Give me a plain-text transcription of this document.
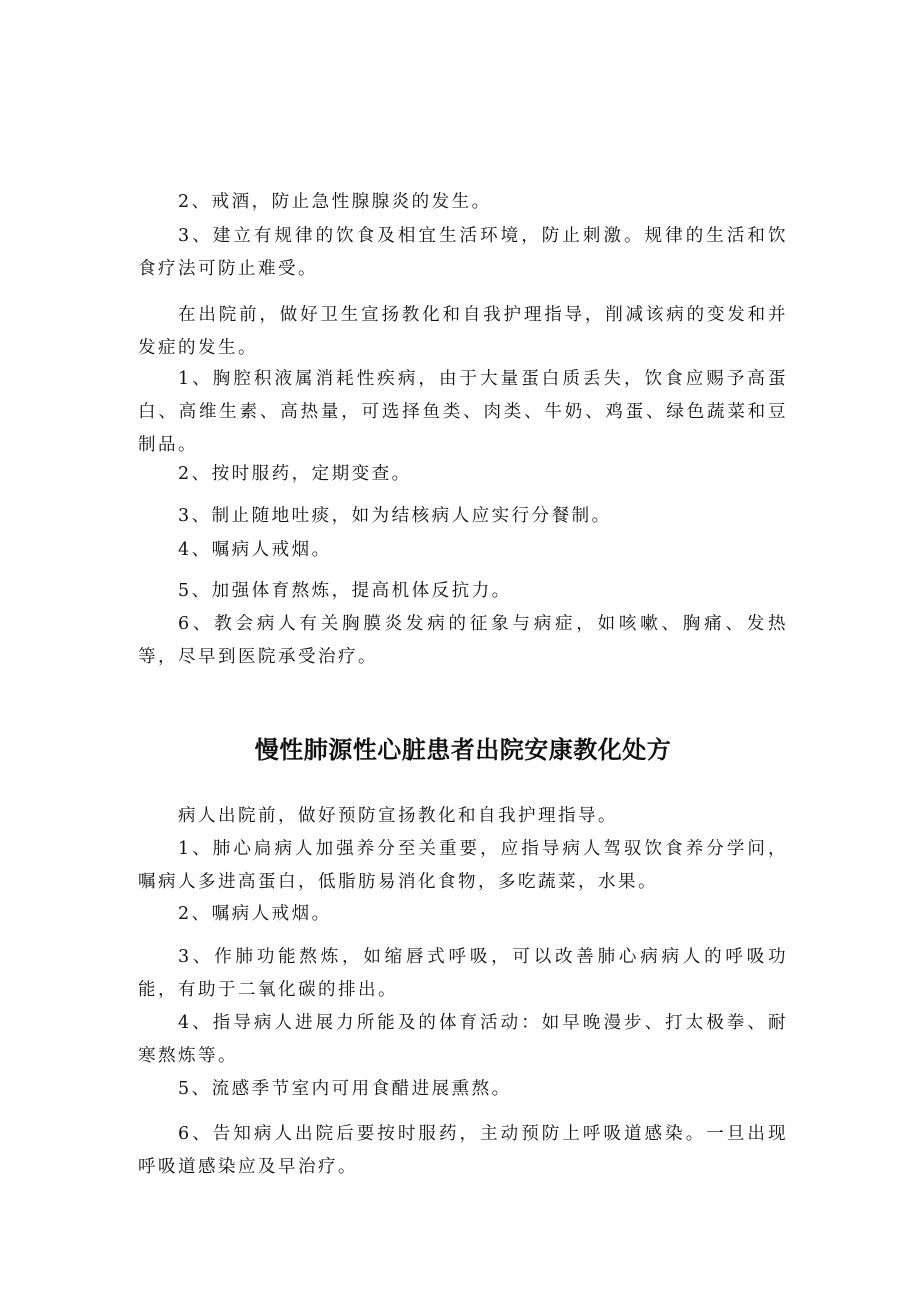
2、戒酒，防止急性腺腺炎的发生。

3、建立有规律的饮食及相宜生活环境，防止刺激。规律的生活和饮食疗法可防止难受。

在出院前，做好卫生宣扬教化和自我护理指导，削减该病的变发和并发症的发生。

1、胸腔积液属消耗性疾病，由于大量蛋白质丢失，饮食应赐予高蛋白、高维生素、高热量，可选择鱼类、肉类、牛奶、鸡蛋、绿色蔬菜和豆制品。

2、按时服药，定期变查。

3、制止随地吐痰，如为结核病人应实行分餐制。

4、嘱病人戒烟。

5、加强体育熬炼，提高机体反抗力。

6、教会病人有关胸膜炎发病的征象与病症，如咳嗽、胸痛、发热等，尽早到医院承受治疗。

慢性肺源性心脏患者出院安康教化处方

病人出院前，做好预防宣扬教化和自我护理指导。

1、肺心扃病人加强养分至关重要，应指导病人驾驭饮食养分学问，嘱病人多进高蛋白，低脂肪易消化食物，多吃蔬菜，水果。

2、嘱病人戒烟。

3、作肺功能熬炼，如缩唇式呼吸，可以改善肺心病病人的呼吸功能，有助于二氧化碳的排出。

4、指导病人进展力所能及的体育活动：如早晚漫步、打太极拳、耐寒熬炼等。

5、流感季节室内可用食醋进展熏熬。

6、告知病人出院后要按时服药，主动预防上呼吸道感染。一旦出现呼吸道感染应及早治疗。
